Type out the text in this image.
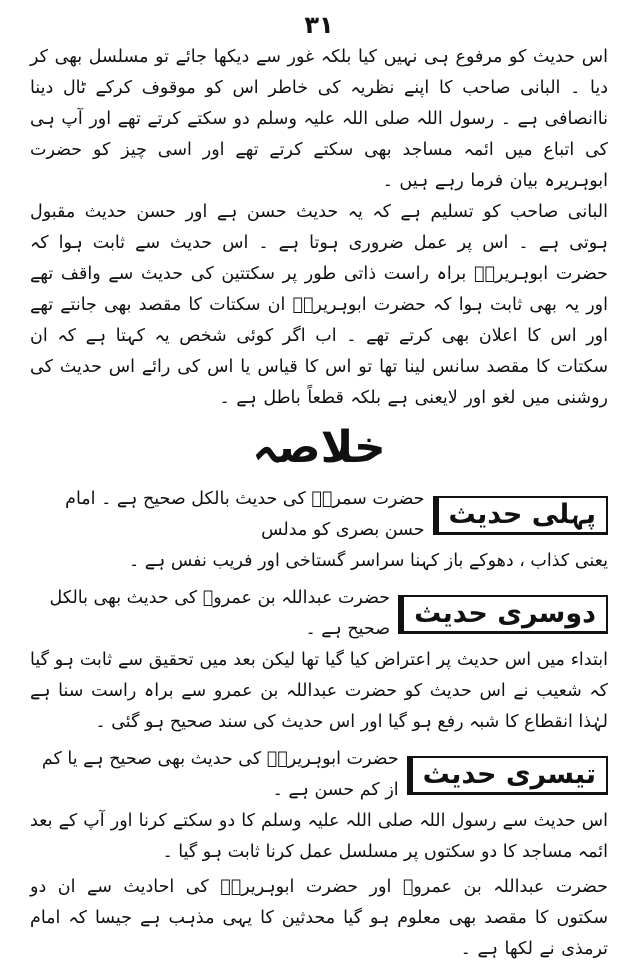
۳۱

اس حدیث کو مرفوع ہی نہیں کیا بلکہ غور سے دیکھا جائے تو مسلسل بھی کر دیا ۔ البانی صاحب کا اپنے نظریہ کی خاطر اس کو موقوف کرکے ٹال دینا ناانصافی ہے ۔ رسول اللہ صلی اللہ علیہ وسلم دو سکتے کرتے تھے اور آپ ہی کی اتباع میں ائمہ مساجد بھی سکتے کرتے تھے اور اسی چیز کو حضرت ابوہریرہ بیان فرما رہے ہیں ۔

البانی صاحب کو تسلیم ہے کہ یہ حدیث حسن ہے اور حسن حدیث مقبول ہوتی ہے ۔ اس پر عمل ضروری ہوتا ہے ۔ اس حدیث سے ثابت ہوا کہ حضرت ابوہریرہؓ براہ راست ذاتی طور پر سکتتین کی حدیث سے واقف تھے اور یہ بھی ثابت ہوا کہ حضرت ابوہریرہؓ ان سکتات کا مقصد بھی جانتے تھے اور اس کا اعلان بھی کرتے تھے ۔ اب اگر کوئی شخص یہ کہتا ہے کہ ان سکتات کا مقصد سانس لینا تھا تو اس کا قیاس یا اس کی رائے اس حدیث کی روشنی میں لغو اور لایعنی ہے بلکہ قطعاً باطل ہے ۔

خلاصہ
پہلی حدیث
حضرت سمرہؓ کی حدیث بالکل صحیح ہے ۔ امام حسن بصری کو مدلس

یعنی کذاب ، دھوکے باز کہنا سراسر گستاخی اور فریب نفس ہے ۔

دوسری حدیث
حضرت عبداللہ بن عمروؓ کی حدیث بھی بالکل صحیح ہے ۔

ابتداء میں اس حدیث پر اعتراض کیا گیا تھا لیکن بعد میں تحقیق سے ثابت ہو گیا کہ شعیب نے اس حدیث کو حضرت عبداللہ بن عمرو سے براہ راست سنا ہے لہٰذا انقطاع کا شبہ رفع ہو گیا اور اس حدیث کی سند صحیح ہو گئی ۔

تیسری حدیث
حضرت ابوہریرہؓ کی حدیث بھی صحیح ہے یا کم از کم حسن ہے ۔

اس حدیث سے رسول اللہ صلی اللہ علیہ وسلم کا دو سکتے کرنا اور آپ کے بعد ائمہ مساجد کا دو سکتوں پر مسلسل عمل کرنا ثابت ہو گیا ۔

حضرت عبداللہ بن عمروؓ اور حضرت ابوہریرہؓ کی احادیث سے ان دو سکتوں کا مقصد بھی معلوم ہو گیا محدثین کا یہی مذہب ہے جیسا کہ امام ترمذی نے لکھا ہے ۔
